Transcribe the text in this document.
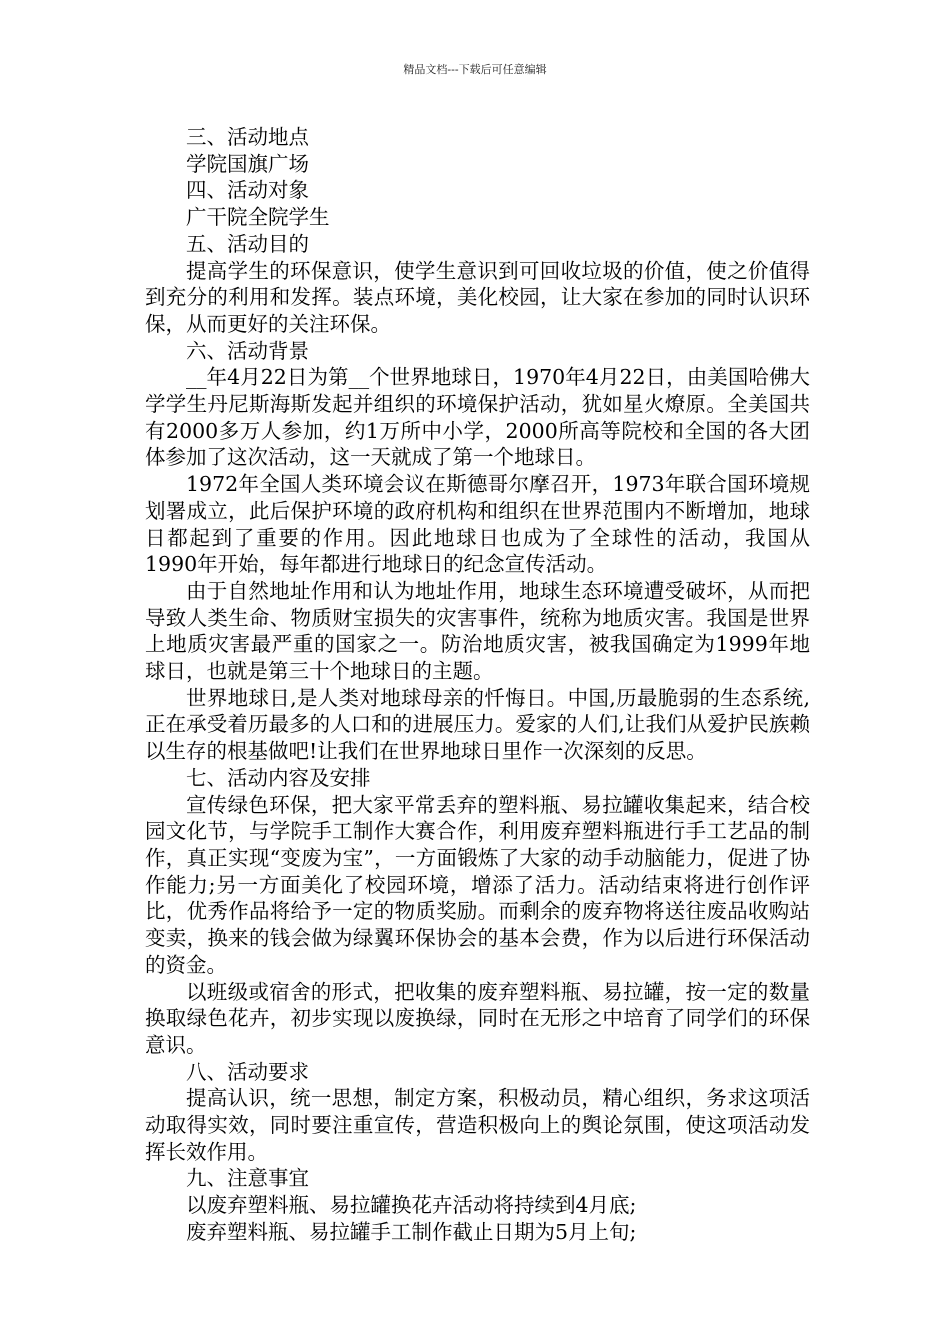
精品文档---下载后可任意编辑

三、活动地点

学院国旗广场

四、活动对象

广干院全院学生

五、活动目的

提高学生的环保意识，使学生意识到可回收垃圾的价值，使之价值得到充分的利用和发挥。装点环境，美化校园，让大家在参加的同时认识环保，从而更好的关注环保。

六、活动背景

__年4月22日为第__个世界地球日，1970年4月22日，由美国哈佛大学学生丹尼斯海斯发起并组织的环境保护活动，犹如星火燎原。全美国共有2000多万人参加，约1万所中小学，2000所高等院校和全国的各大团体参加了这次活动，这一天就成了第一个地球日。

1972年全国人类环境会议在斯德哥尔摩召开，1973年联合国环境规划署成立，此后保护环境的政府机构和组织在世界范围内不断增加，地球日都起到了重要的作用。因此地球日也成为了全球性的活动，我国从1990年开始，每年都进行地球日的纪念宣传活动。

由于自然地址作用和认为地址作用，地球生态环境遭受破坏，从而把导致人类生命、物质财宝损失的灾害事件，统称为地质灾害。我国是世界上地质灾害最严重的国家之一。防治地质灾害，被我国确定为1999年地球日，也就是第三十个地球日的主题。

世界地球日,是人类对地球母亲的忏悔日。中国,历最脆弱的生态系统,正在承受着历最多的人口和的进展压力。爱家的人们,让我们从爱护民族赖以生存的根基做吧!让我们在世界地球日里作一次深刻的反思。

七、活动内容及安排

宣传绿色环保，把大家平常丢弃的塑料瓶、易拉罐收集起来，结合校园文化节，与学院手工制作大赛合作，利用废弃塑料瓶进行手工艺品的制作，真正实现“变废为宝”，一方面锻炼了大家的动手动脑能力，促进了协作能力;另一方面美化了校园环境，增添了活力。活动结束将进行创作评比，优秀作品将给予一定的物质奖励。而剩余的废弃物将送往废品收购站变卖，换来的钱会做为绿翼环保协会的基本会费，作为以后进行环保活动的资金。

以班级或宿舍的形式，把收集的废弃塑料瓶、易拉罐，按一定的数量换取绿色花卉，初步实现以废换绿，同时在无形之中培育了同学们的环保意识。

八、活动要求

提高认识，统一思想，制定方案，积极动员，精心组织，务求这项活动取得实效，同时要注重宣传，营造积极向上的舆论氛围，使这项活动发挥长效作用。

九、注意事宜

以废弃塑料瓶、易拉罐换花卉活动将持续到4月底;

废弃塑料瓶、易拉罐手工制作截止日期为5月上旬;
